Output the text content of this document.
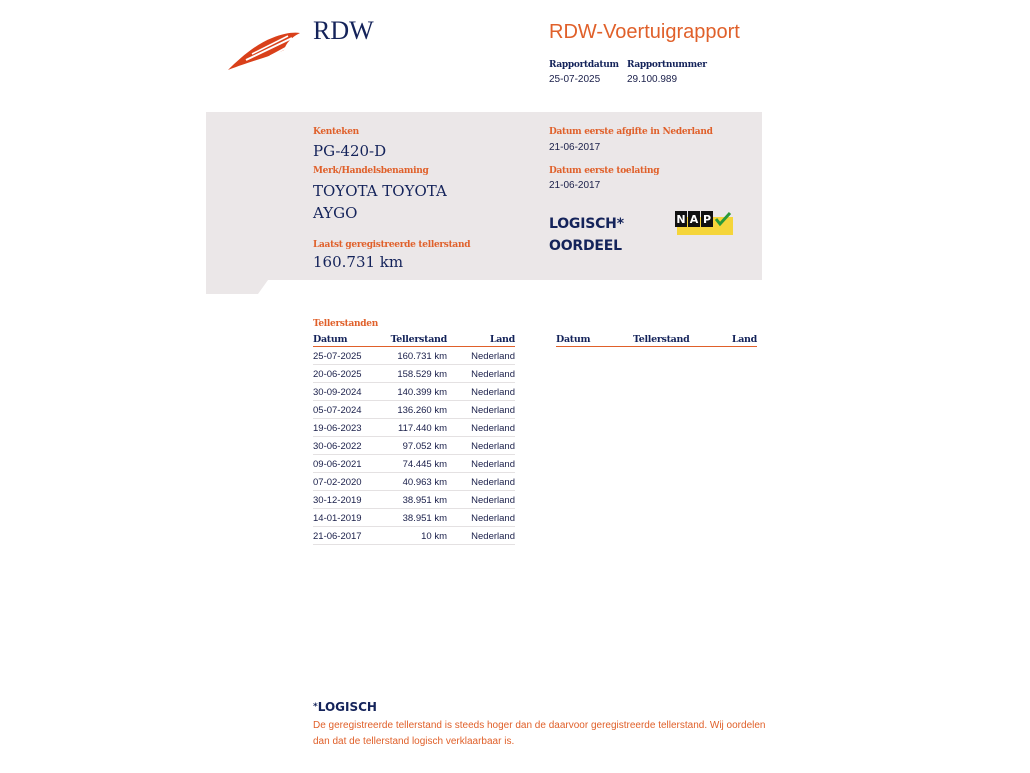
RDW	RDW-Voertuigrapport
Rapportdatum
25-07-2025
Rapportnummer
29.100.989
Kenteken
PG-420-D
Merk/Handelsbenaming
TOYOTA TOYOTA
AYGO
Laatst geregistreerde tellerstand
160.731 km
Datum eerste afgifte in Nederland
21-06-2017
Datum eerste toelating
21-06-2017
LOGISCH*
OORDEEL
N A P
Tellerstanden
Datum	Tellerstand	Land
25-07-2025	160.731 km	Nederland
20-06-2025	158.529 km	Nederland
30-09-2024	140.399 km	Nederland
05-07-2024	136.260 km	Nederland
19-06-2023	117.440 km	Nederland
30-06-2022	97.052 km	Nederland
09-06-2021	74.445 km	Nederland
07-02-2020	40.963 km	Nederland
30-12-2019	38.951 km	Nederland
14-01-2019	38.951 km	Nederland
21-06-2017	10 km	Nederland
Datum	Tellerstand	Land
*LOGISCH
De geregistreerde tellerstand is steeds hoger dan de daarvoor geregistreerde tellerstand. Wij oordelen dan dat de tellerstand logisch verklaarbaar is.
